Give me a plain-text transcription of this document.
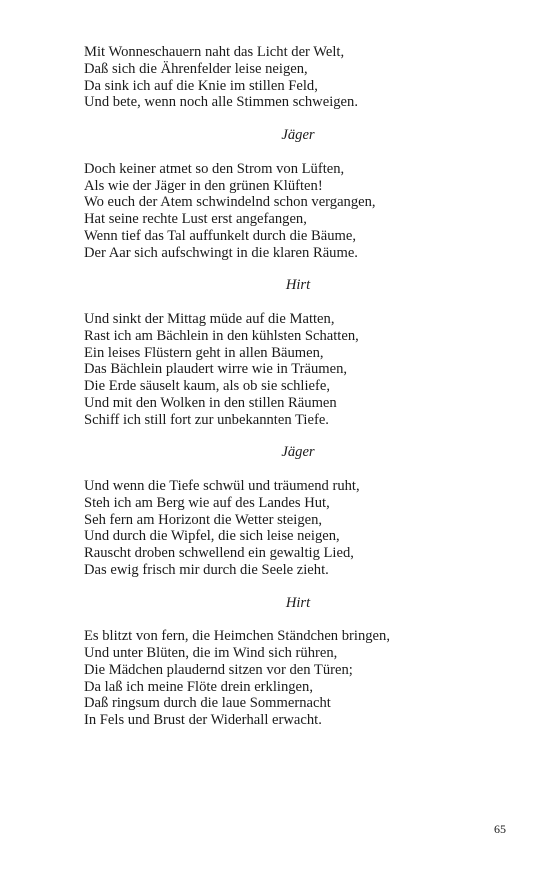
Mit Wonneschauern naht das Licht der Welt,
Daß sich die Ährenfelder leise neigen,
Da sink ich auf die Knie im stillen Feld,
Und bete, wenn noch alle Stimmen schweigen.
Jäger
Doch keiner atmet so den Strom von Lüften,
Als wie der Jäger in den grünen Klüften!
Wo euch der Atem schwindelnd schon vergangen,
Hat seine rechte Lust erst angefangen,
Wenn tief das Tal auffunkelt durch die Bäume,
Der Aar sich aufschwingt in die klaren Räume.
Hirt
Und sinkt der Mittag müde auf die Matten,
Rast ich am Bächlein in den kühlsten Schatten,
Ein leises Flüstern geht in allen Bäumen,
Das Bächlein plaudert wirre wie in Träumen,
Die Erde säuselt kaum, als ob sie schliefe,
Und mit den Wolken in den stillen Räumen
Schiff ich still fort zur unbekannten Tiefe.
Jäger
Und wenn die Tiefe schwül und träumend ruht,
Steh ich am Berg wie auf des Landes Hut,
Seh fern am Horizont die Wetter steigen,
Und durch die Wipfel, die sich leise neigen,
Rauscht droben schwellend ein gewaltig Lied,
Das ewig frisch mir durch die Seele zieht.
Hirt
Es blitzt von fern, die Heimchen Ständchen bringen,
Und unter Blüten, die im Wind sich rühren,
Die Mädchen plaudernd sitzen vor den Türen;
Da laß ich meine Flöte drein erklingen,
Daß ringsum durch die laue Sommernacht
In Fels und Brust der Widerhall erwacht.
65
